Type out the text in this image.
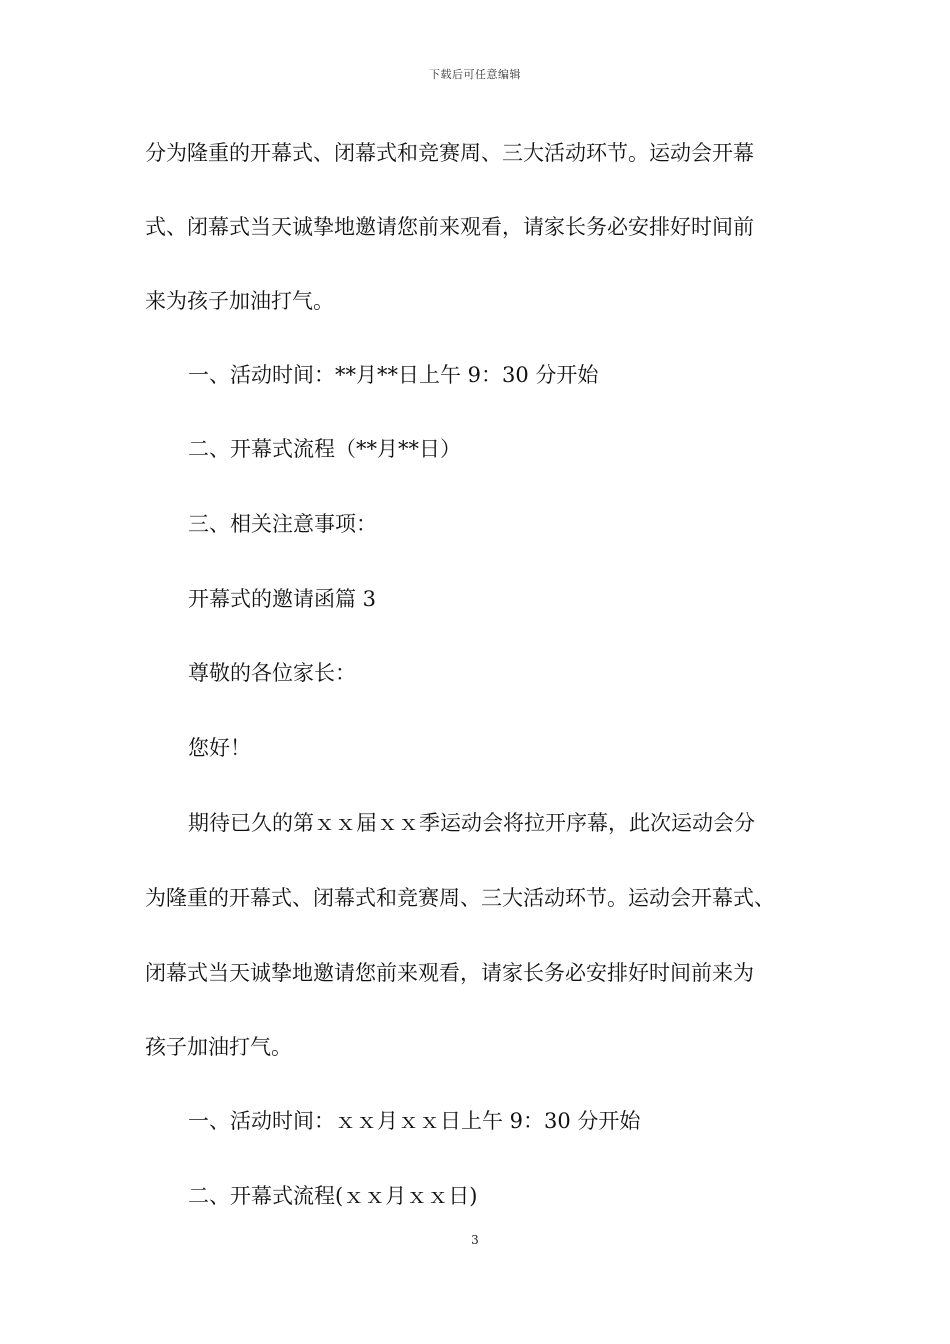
下载后可任意编辑
分为隆重的开幕式、闭幕式和竞赛周、三大活动环节。运动会开幕
式、闭幕式当天诚挚地邀请您前来观看，请家长务必安排好时间前
来为孩子加油打气。
一、活动时间：**月**日上午 9：30 分开始
二、开幕式流程（**月**日）
三、相关注意事项：
开幕式的邀请函篇 3
尊敬的各位家长：
您好！
期待已久的第ｘｘ届ｘｘ季运动会将拉开序幕，此次运动会分
为隆重的开幕式、闭幕式和竞赛周、三大活动环节。运动会开幕式、
闭幕式当天诚挚地邀请您前来观看，请家长务必安排好时间前来为
孩子加油打气。
一、活动时间：ｘｘ月ｘｘ日上午 9：30 分开始
二、开幕式流程(ｘｘ月ｘｘ日)
3
